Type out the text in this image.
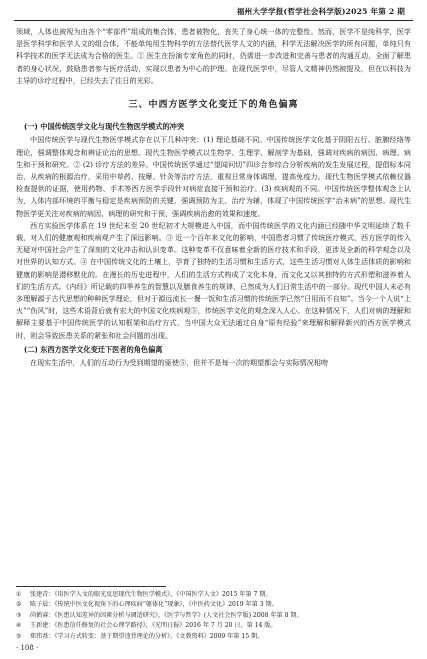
福州大学学报(哲学社会科学版)2025 年第 2 期

领域，人体也被视为由各个“零部件”组成的集合体，患者被物化，丧失了身心统一体的完整性。然而，医学不是纯科学，医学是医学科学和医学人文的组合体，不能单纯用生物科学的方法替代医学人文的内涵，科学无法解决医学的所有问题，单纯只有科学技术的医学无法成为合格的医生。① 医生在扮演专家角色的同时，仍需进一步改进和完善与患者的沟通互动，全面了解患者的身心状况，鼓励患者参与医疗活动，实现以患者为中心的护理。在现代医学中，尽管人文精神仍然被提及，但在以科技为主导的诊疗过程中，已经失去了往日的光彩。

三、中西方医学文化变迁下的角色偏离
(一) 中国传统医学文化与现代生物医学模式的冲突

中国传统医学与现代生物医学模式存在以下几种冲突：(1) 理论基础不同。中国传统医学文化基于阴阳五行、脏腑经络等理论，强调整体观念和辨证论治的思想。现代生物医学模式以生物学、生理学、解剖学为基础，强调对疾病的病因、病理、病生和干预和研究。② (2) 诊疗方法的差异。中国传统医学通过“望闻问切”四诊合参综合分析疾病的发生发展过程，提倡标本同治，从疾病的根源治疗，采用中草药、按摩、针灸等治疗方法，重视日常身体调理，提高免疫力。现代生物医学模式依赖仪器检查提供的证据，使用药物、手术等西方医学手段针对病症直接干预和治疗。(3) 疾病观的不同。中国传统医学整体观念上认为，人体内部环境的平衡与稳定是疾病预防的关键，强调预防为主、治疗为辅，体现了中国传统医学“治未病”的思想。现代生物医学更关注对疾病的病因、病理的研究和干预，强调疾病治愈的效果和速度。

西方实验医学体系在 19 世纪末至 20 世纪初才大规模进入中国，而中国传统医学的文化内涵已经随中华文明延续了数千载，对人们的健康观和疾病观产生了深远影响。③ 近一个百年来文化的影响，中国患者习惯了传统医疗模式，西方医学的传入无疑对中国社会产生了深刻的文化冲击和认识变革。这种变革不仅意味着全新的医疗技术和手段，更涉及全新的科学观念以及对世界的认知方式。④ 在中国传统文化的土壤上，孕育了独特的生活习惯和生活方式，这些生活习惯对人体生活体质的影响和健康的影响是潜移默化的。在漫长的历史进程中，人们的生活方式构成了文化本身，而文化又以其独特的方式形塑和滋养着人们的生活方式。《内经》所记载的四季养生的智慧以及膳食养生的规律，已然成为人们日常生活中的一部分。现代中国人未必有多理解源于古代思想的种种医学理论，但对于源远流长一餐一饭和生活习惯的传统医学已然“日用而不自知”。当今一个人说“上火”“伤风”时，这些术语背后就有宏大的中国文化疾病观⑤，传统医学文化的观念深入人心。在这种情况下，人们对病的理解和解释主要基于中国传统医学的认知框架和治疗方式，当中国大众无法通过自身“原有经验”来理解和解释新兴的西方医学模式时，则会导致医患关系的紧张和社会问题的出现。

(二) 东西方医学文化变迁下医者的角色偏离

在现实生活中，人们的互动行为受到期望的驱使⑤，但并不是每一次的期望都会与实际情况相吻

①	张建青：《用医学人文的眼光反思现代生物医学模式》，《中国医学人文》2015 年第 7 期。
②	陈子晨：《传统中医文化视角下的心理疾病“躯体化”现象》，《中医药文化》2019 年第 3 期。
③	尚鹤睿：《医患认知差异的因素分析与调适研究》，《医学与哲学》(人文社会医学版) 2008 年第 8 期。
④	王新建：《医患信任修复的社会心理学路径》，《光明日报》2016 年 7 月 20 日，第 14 版。
⑤	郑伟基：《学习方式转变：基于期望违背理论的分析》，《文教资料》2009 年第 15 期。
· 108 ·
